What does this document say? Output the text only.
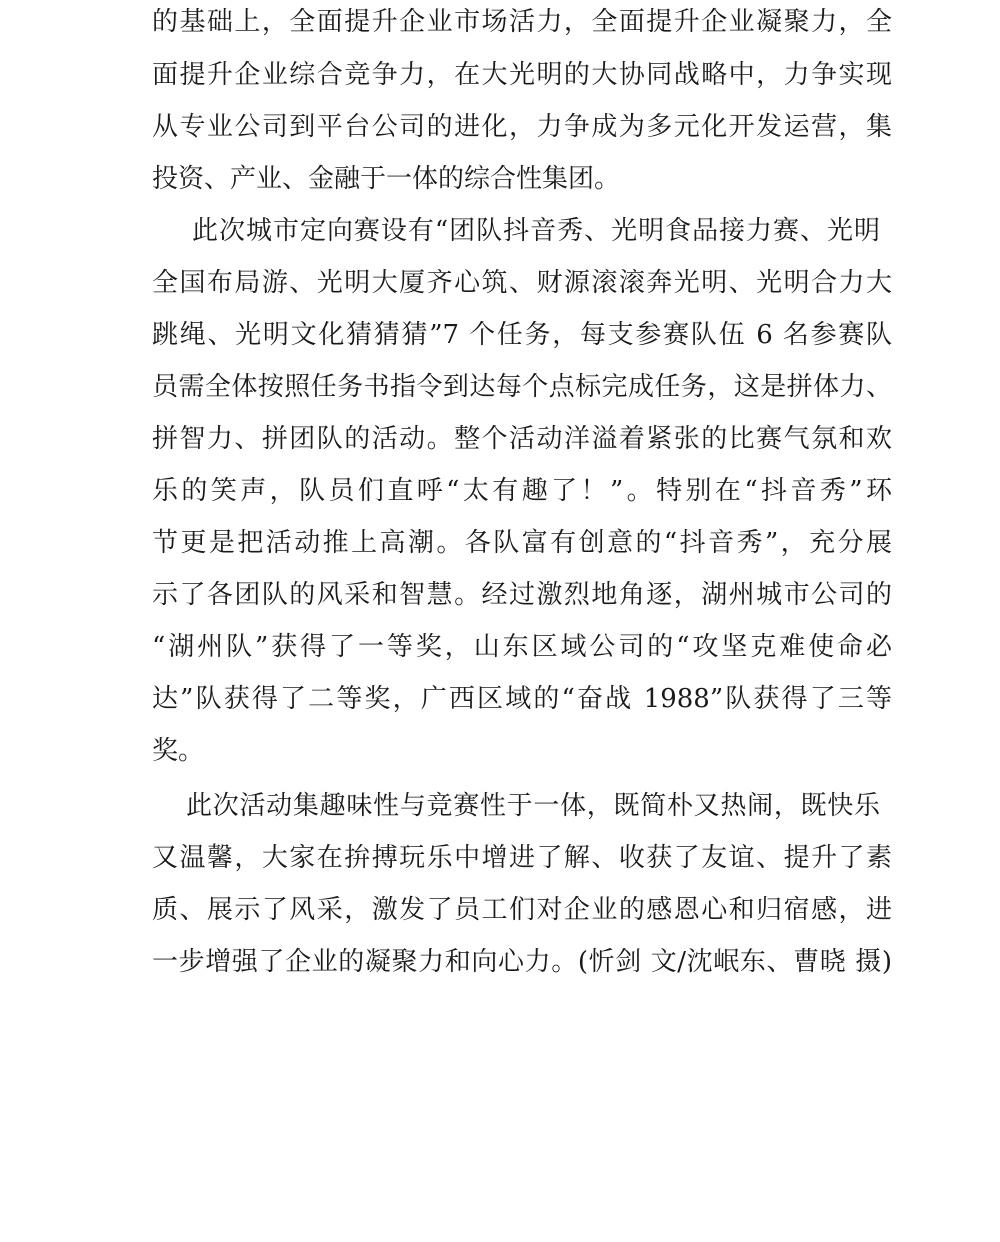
的基础上，全面提升企业市场活力，全面提升企业凝聚力，全
面提升企业综合竞争力，在大光明的大协同战略中，力争实现
从专业公司到平台公司的进化，力争成为多元化开发运营，集
投资、产业、金融于一体的综合性集团。
此次城市定向赛设有“团队抖音秀、光明食品接力赛、光明
全国布局游、光明大厦齐心筑、财源滚滚奔光明、光明合力大
跳绳、光明文化猜猜猜”7 个任务，每支参赛队伍 6 名参赛队
员需全体按照任务书指令到达每个点标完成任务，这是拼体力、
拼智力、拼团队的活动。整个活动洋溢着紧张的比赛气氛和欢
乐的笑声，队员们直呼“太有趣了！”。特别在“抖音秀”环
节更是把活动推上高潮。各队富有创意的“抖音秀”，充分展
示了各团队的风采和智慧。经过激烈地角逐，湖州城市公司的
“湖州队”获得了一等奖，山东区域公司的“攻坚克难使命必
达”队获得了二等奖，广西区域的“奋战 1988”队获得了三等
奖。
此次活动集趣味性与竞赛性于一体，既简朴又热闹，既快乐
又温馨，大家在拚搏玩乐中增进了解、收获了友谊、提升了素
质、展示了风采，激发了员工们对企业的感恩心和归宿感，进
一步增强了企业的凝聚力和向心力。(忻剑 文/沈岷东、曹晓 摄)
